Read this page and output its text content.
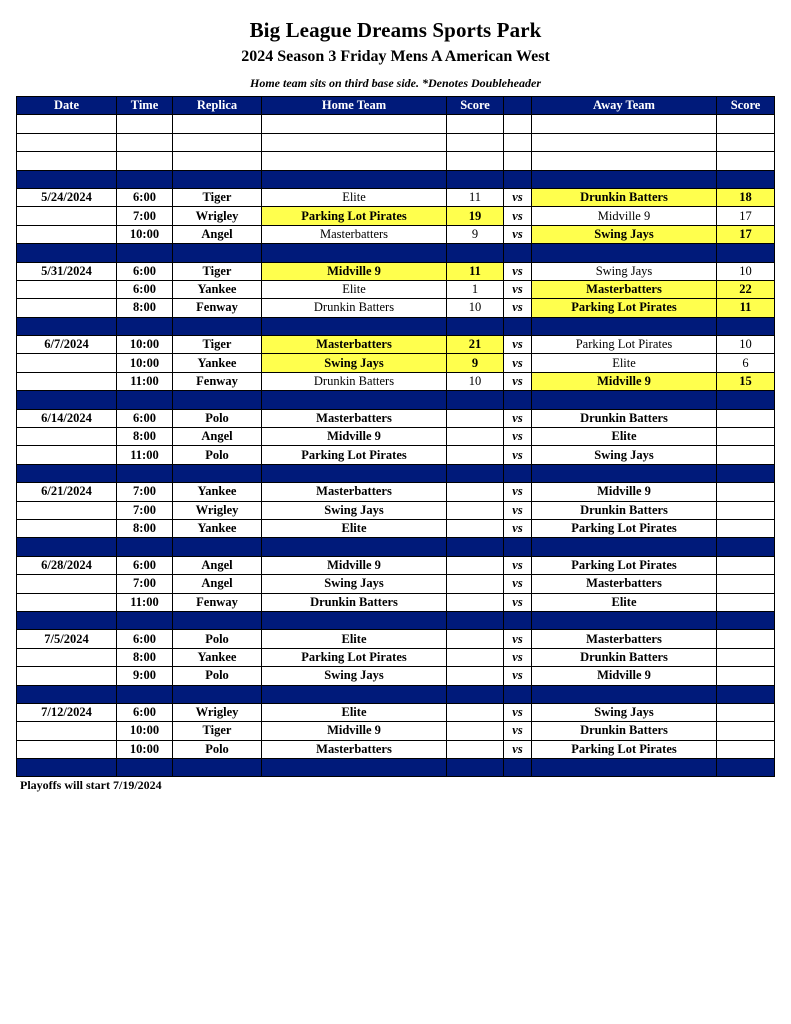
Big League Dreams Sports Park
2024 Season 3 Friday Mens A American West
Home team sits on third base side. *Denotes Doubleheader
Date	Time	Replica	Home Team	Score		Away Team	Score

5/24/2024	6:00	Tiger	Elite	11	vs	Drunkin Batters	18
	7:00	Wrigley	Parking Lot Pirates	19	vs	Midville 9	17
	10:00	Angel	Masterbatters	9	vs	Swing Jays	17

5/31/2024	6:00	Tiger	Midville 9	11	vs	Swing Jays	10
	6:00	Yankee	Elite	1	vs	Masterbatters	22
	8:00	Fenway	Drunkin Batters	10	vs	Parking Lot Pirates	11

6/7/2024	10:00	Tiger	Masterbatters	21	vs	Parking Lot Pirates	10
	10:00	Yankee	Swing Jays	9	vs	Elite	6
	11:00	Fenway	Drunkin Batters	10	vs	Midville 9	15

6/14/2024	6:00	Polo	Masterbatters		vs	Drunkin Batters	
	8:00	Angel	Midville 9		vs	Elite	
	11:00	Polo	Parking Lot Pirates		vs	Swing Jays	

6/21/2024	7:00	Yankee	Masterbatters		vs	Midville 9	
	7:00	Wrigley	Swing Jays		vs	Drunkin Batters	
	8:00	Yankee	Elite		vs	Parking Lot Pirates	

6/28/2024	6:00	Angel	Midville 9		vs	Parking Lot Pirates	
	7:00	Angel	Swing Jays		vs	Masterbatters	
	11:00	Fenway	Drunkin Batters		vs	Elite	

7/5/2024	6:00	Polo	Elite		vs	Masterbatters	
	8:00	Yankee	Parking Lot Pirates		vs	Drunkin Batters	
	9:00	Polo	Swing Jays		vs	Midville 9	

7/12/2024	6:00	Wrigley	Elite		vs	Swing Jays	
	10:00	Tiger	Midville 9		vs	Drunkin Batters	
	10:00	Polo	Masterbatters		vs	Parking Lot Pirates	

Playoffs will start 7/19/2024
